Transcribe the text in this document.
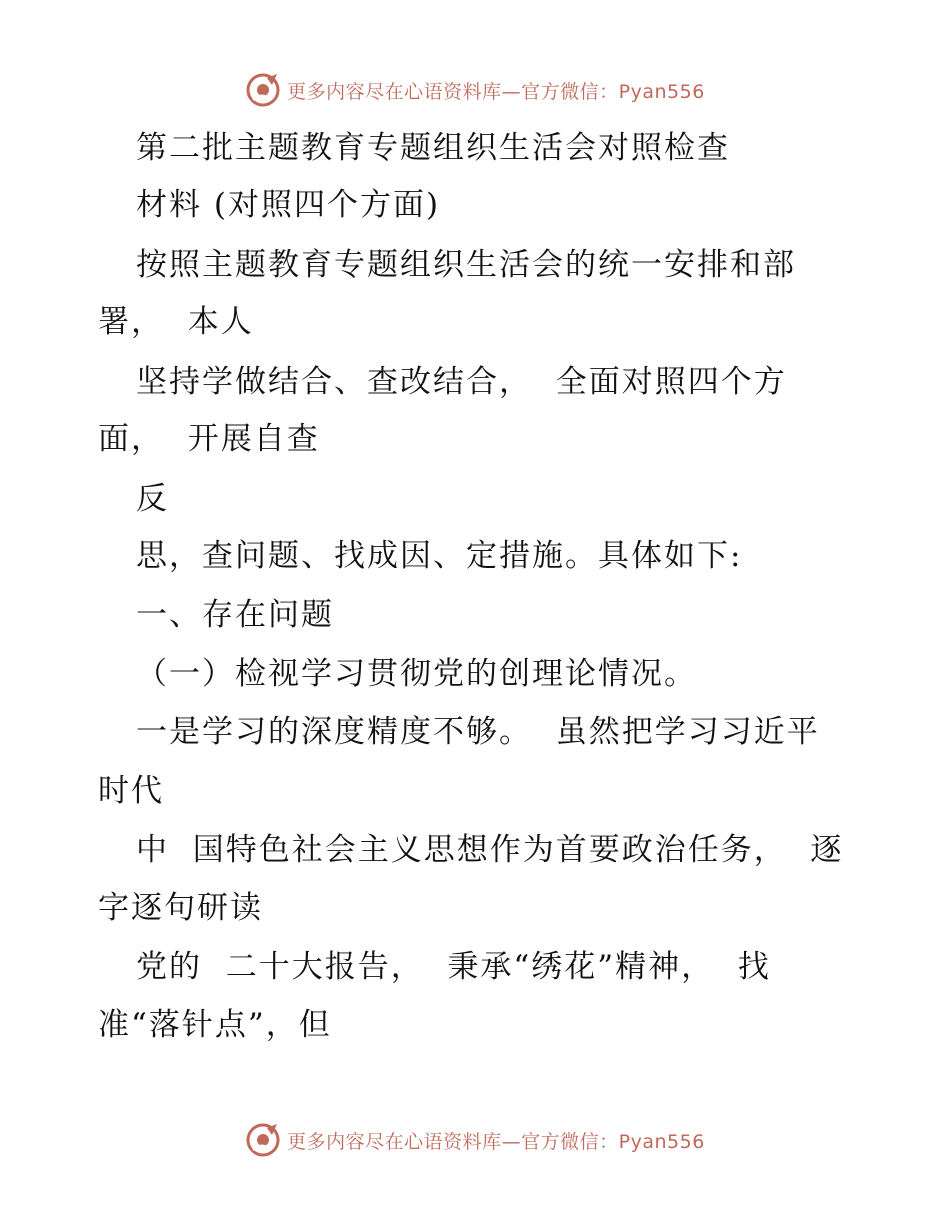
更多内容尽在心语资料库—官方微信：Pyan556
第二批主题教育专题组织生活会对照检查
材料 (对照四个方面)
按照主题教育专题组织生活会的统一安排和部
署，  本人
坚持学做结合、查改结合，  全面对照四个方
面，  开展自查
反
思，查问题、找成因、定措施。具体如下:
一、存在问题
（一）检视学习贯彻党的创理论情况。
一是学习的深度精度不够。  虽然把学习习近平
时代
中  国特色社会主义思想作为首要政治任务，  逐
字逐句研读
党的  二十大报告，  秉承“绣花”精神，  找
准“落针点”，但
更多内容尽在心语资料库—官方微信：Pyan556
